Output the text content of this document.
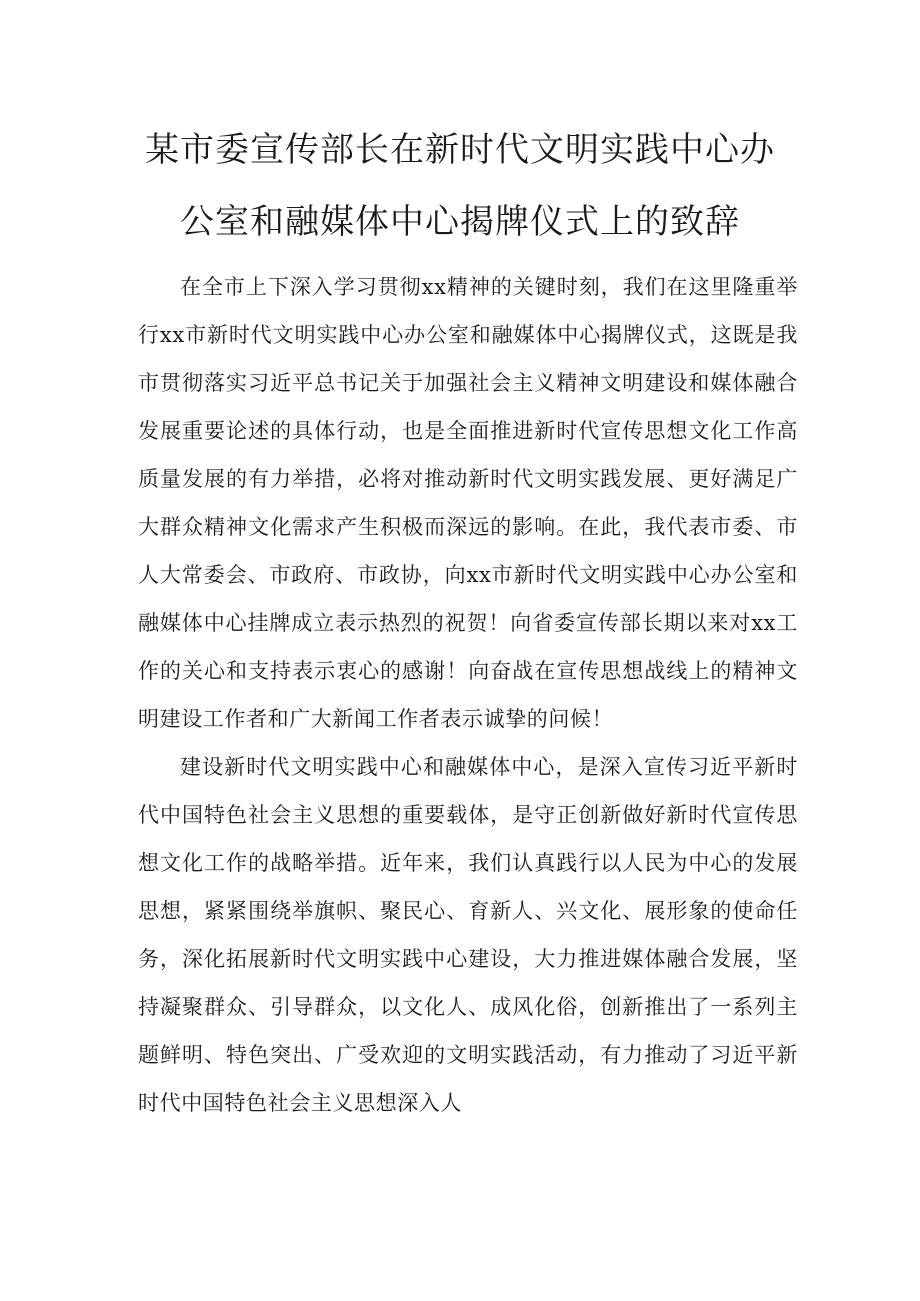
某市委宣传部长在新时代文明实践中心办
公室和融媒体中心揭牌仪式上的致辞

在全市上下深入学习贯彻xx精神的关键时刻，我们在这里隆重举行xx市新时代文明实践中心办公室和融媒体中心揭牌仪式，这既是我市贯彻落实习近平总书记关于加强社会主义精神文明建设和媒体融合发展重要论述的具体行动，也是全面推进新时代宣传思想文化工作高质量发展的有力举措，必将对推动新时代文明实践发展、更好满足广大群众精神文化需求产生积极而深远的影响。在此，我代表市委、市人大常委会、市政府、市政协，向xx市新时代文明实践中心办公室和融媒体中心挂牌成立表示热烈的祝贺！向省委宣传部长期以来对xx工作的关心和支持表示衷心的感谢！向奋战在宣传思想战线上的精神文明建设工作者和广大新闻工作者表示诚挚的问候！

建设新时代文明实践中心和融媒体中心，是深入宣传习近平新时代中国特色社会主义思想的重要载体，是守正创新做好新时代宣传思想文化工作的战略举措。近年来，我们认真践行以人民为中心的发展思想，紧紧围绕举旗帜、聚民心、育新人、兴文化、展形象的使命任务，深化拓展新时代文明实践中心建设，大力推进媒体融合发展，坚持凝聚群众、引导群众，以文化人、成风化俗，创新推出了一系列主题鲜明、特色突出、广受欢迎的文明实践活动，有力推动了习近平新时代中国特色社会主义思想深入人
